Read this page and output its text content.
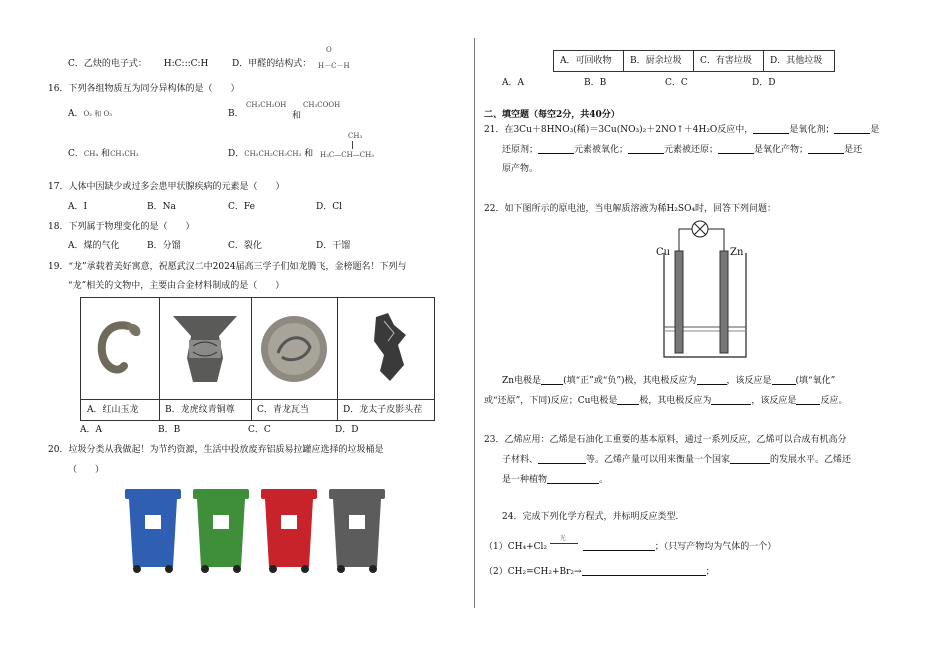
C．乙炔的电子式： H:C:::C:H	D．甲醛的结构式：
O
H－C－H
16．下列各组物质互为同分异构体的是（　　）
A．O₂ 和 O₃	B．
CH₃CH₂OH
和
CH₃COOH
C．CH₄ 和CH₃CH₃	D．CH₃CH₂CH₂CH₃ 和
CH₃
H₃C—CH—CH₃
17．人体中因缺少或过多会患甲状腺疾病的元素是（　　）
A．I	B．Na	C．Fe	D．Cl
18．下列属于物理变化的是（　　）
A．煤的气化	B．分馏	C．裂化	D．干馏
19．“龙”承载着美好寓意，祝愿武汉二中2024届高三学子们如龙腾飞，金榜题名！下列与
“龙”相关的文物中，主要由合金材料制成的是（　　）
A．红山玉龙	B．龙虎纹青铜尊	C．青龙瓦当	D．龙太子皮影头茬
A．A	B．B	C．C	D．D
20．垃圾分类从我做起！为节约资源，生活中投放废弃铝质易拉罐应选择的垃圾桶是
（　　）
A．可回收物	B．厨余垃圾	C．有害垃圾	D．其他垃圾
A．A	B．B	C．C	D．D
二、填空题（每空2分，共40分）
21．在3Cu＋8HNO₃(稀)＝3Cu(NO₃)₂＋2NO↑＋4H₂O反应中，	是氧化剂；	是
还原剂；	元素被氧化；	元素被还原；	是氧化产物；	是还
原产物。
22．如下图所示的原电池，当电解质溶液为稀H₂SO₄时，回答下列问题：
Cu	Zn
Zn电极是 (填“正”或“负”)极，其电极反应为	，该反应是	(填“氧化”
或“还原”，下同)反应；Cu电极是 极，其电极反应为	，该反应是	反应。
23．乙烯应用：乙烯是石油化工重要的基本原料，通过一系列反应，乙烯可以合成有机高分
子材料、	等。乙烯产量可以用来衡量一个国家	的发展水平。乙烯还
是一种植物	。
24．完成下列化学方程式，并标明反应类型.
（1）CH₄+Cl₂
光
；（只写产物均为气体的一个）
（2）CH₂=CH₂+Br₂→	；
